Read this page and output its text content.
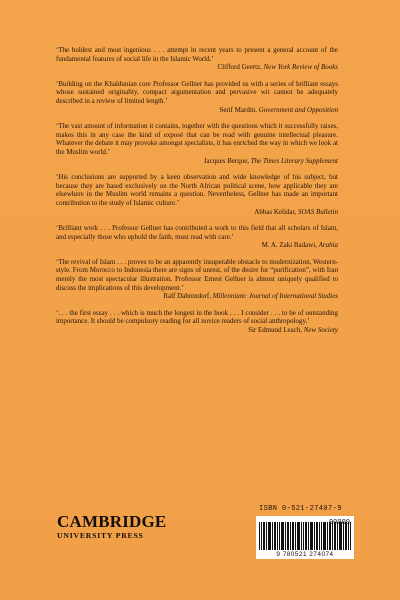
‘The boldest and most ingenious . . . attempt in recent years to present a general account of the fundamental features of social life in the Islamic World.’
Clifford Geertz, New York Review of Books
‘Building on the Khaldunian core Professor Gellner has provided us with a series of brilliant essays whose sustained originality, compact argumentation and pervasive wit cannot be adequately described in a review of limited length.’
Serif Mardin, Government and Opposition
‘The vast amount of information it contains, together with the questions which it successfully raises, makes this in any case the kind of exposé that can be read with genuine intellectual pleasure. Whatever the debate it may provoke amongst specialists, it has enriched the way in which we look at the Muslim world.’
Jacques Berque, The Times Literary Supplement
‘His conclusions are supported by a keen observation and wide knowledge of his subject, but because they are based exclusively on the North African political scene, how applicable they are elsewhere in the Muslim world remains a question. Nevertheless, Gellner has made an important contribution to the study of Islamic culture.’
Abbas Kelidar, SOAS Bulletin
‘Brilliant work . . . Professor Gellner has contributed a work to this field that all scholars of Islam, and especially those who uphold the faith, must read with care.’
M. A. Zaki Badawi, Arabia
‘The revival of Islam . . . proves to be an apparently insuperable obstacle to modernization, Western-style. From Morocco to Indonesia there are signs of unrest, of the desire for “purification”, with Iran merely the most spectacular illustration. Professor Ernest Gellner is almost uniquely qualified to discuss the implications of this development.’
Ralf Dahrendorf, Millennium: Journal of International Studies
‘. . . the first essay . . . which is much the longest in the book . . . I consider . . . to be of outstanding importance. It should be compulsory reading for all novice readers of social anthropology.’
Sir Edmund Leach, New Society
CAMBRIDGE
UNIVERSITY PRESS
ISBN 0-521-27407-9
9 780521 274074
